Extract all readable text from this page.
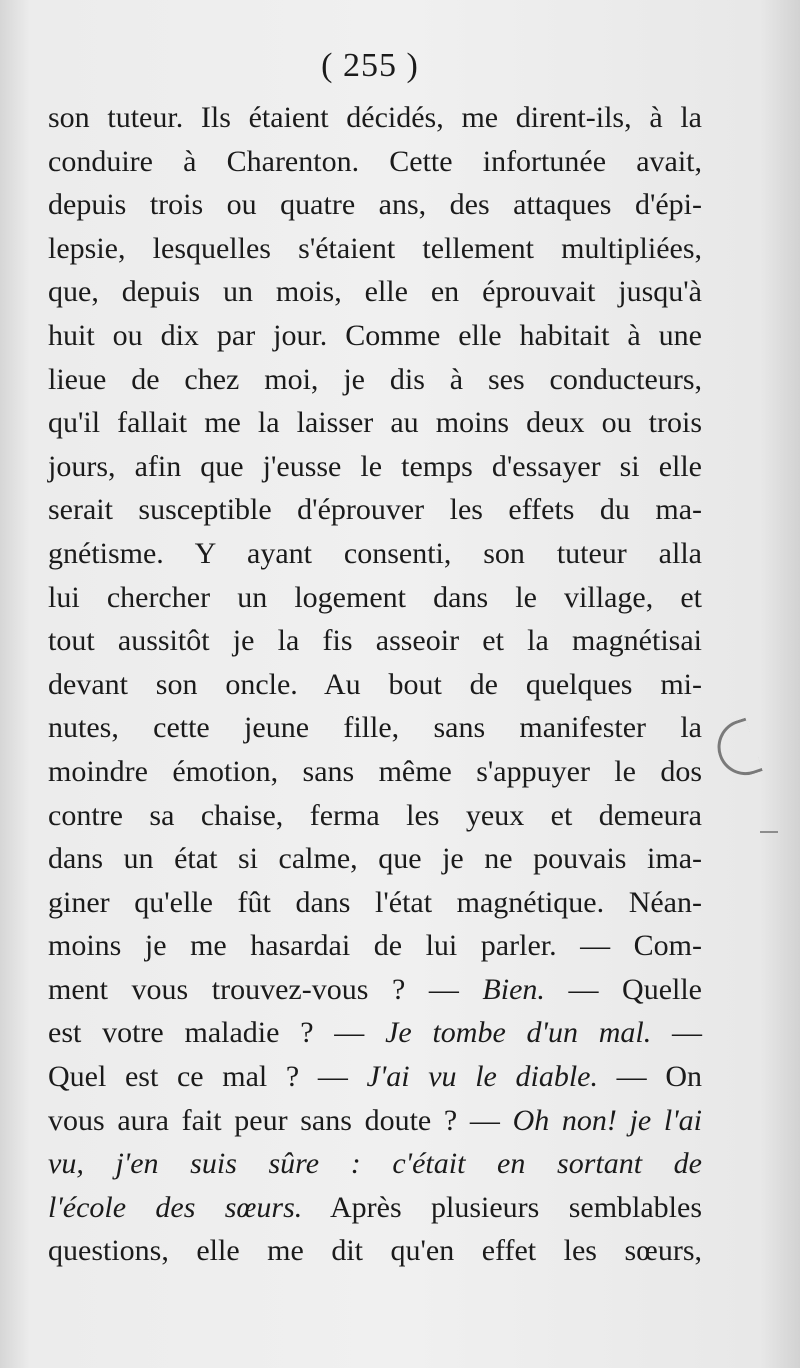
( 255 )
son tuteur. Ils étaient décidés, me dirent-ils, à la
conduire à Charenton. Cette infortunée avait,
depuis trois ou quatre ans, des attaques d'épi-
lepsie, lesquelles s'étaient tellement multipliées,
que, depuis un mois, elle en éprouvait jusqu'à
huit ou dix par jour. Comme elle habitait à une
lieue de chez moi, je dis à ses conducteurs,
qu'il fallait me la laisser au moins deux ou trois
jours, afin que j'eusse le temps d'essayer si elle
serait susceptible d'éprouver les effets du ma-
gnétisme. Y ayant consenti, son tuteur alla
lui chercher un logement dans le village, et
tout aussitôt je la fis asseoir et la magnétisai
devant son oncle. Au bout de quelques mi-
nutes, cette jeune fille, sans manifester la
moindre émotion, sans même s'appuyer le dos
contre sa chaise, ferma les yeux et demeura
dans un état si calme, que je ne pouvais ima-
giner qu'elle fût dans l'état magnétique. Néan-
moins je me hasardai de lui parler. — Com-
ment vous trouvez-vous ? — Bien. — Quelle
est votre maladie ? — Je tombe d'un mal. —
Quel est ce mal ? — J'ai vu le diable. — On
vous aura fait peur sans doute ? — Oh non! je l'ai
vu, j'en suis sûre : c'était en sortant de
l'école des sœurs. Après plusieurs semblables
questions, elle me dit qu'en effet les sœurs,
